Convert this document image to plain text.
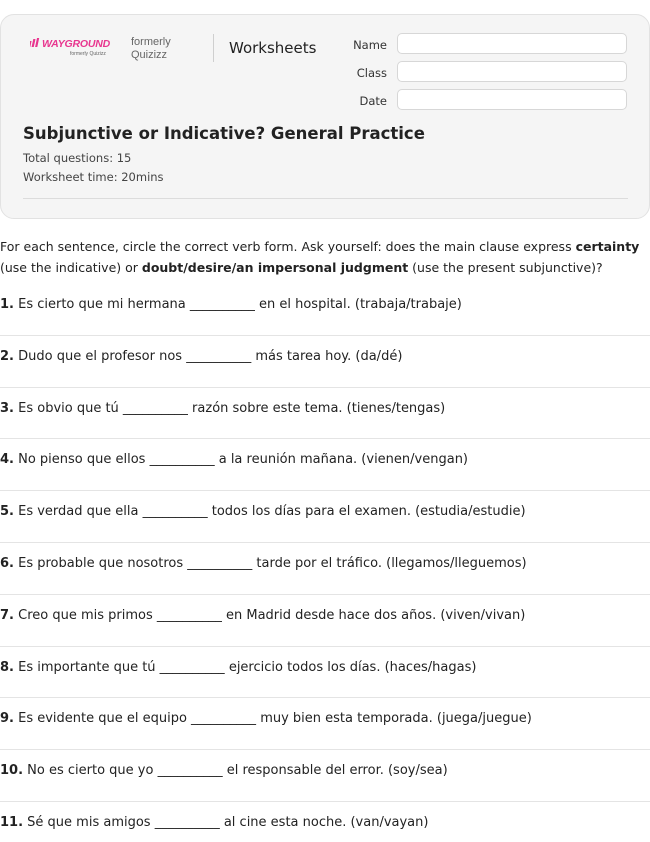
WAYGROUND
formerly Quizizz
formerly Quizizz	Worksheets	Name
Class
Date
Subjunctive or Indicative? General Practice
Total questions: 15
Worksheet time: 20mins
For each sentence, circle the correct verb form. Ask yourself: does the main clause express certainty (use the indicative) or doubt/desire/an impersonal judgment (use the present subjunctive)?
1. Es cierto que mi hermana __________ en el hospital. (trabaja/trabaje)
2. Dudo que el profesor nos __________ más tarea hoy. (da/dé)
3. Es obvio que tú __________ razón sobre este tema. (tienes/tengas)
4. No pienso que ellos __________ a la reunión mañana. (vienen/vengan)
5. Es verdad que ella __________ todos los días para el examen. (estudia/estudie)
6. Es probable que nosotros __________ tarde por el tráfico. (llegamos/lleguemos)
7. Creo que mis primos __________ en Madrid desde hace dos años. (viven/vivan)
8. Es importante que tú __________ ejercicio todos los días. (haces/hagas)
9. Es evidente que el equipo __________ muy bien esta temporada. (juega/juegue)
10. No es cierto que yo __________ el responsable del error. (soy/sea)
11. Sé que mis amigos __________ al cine esta noche. (van/vayan)
